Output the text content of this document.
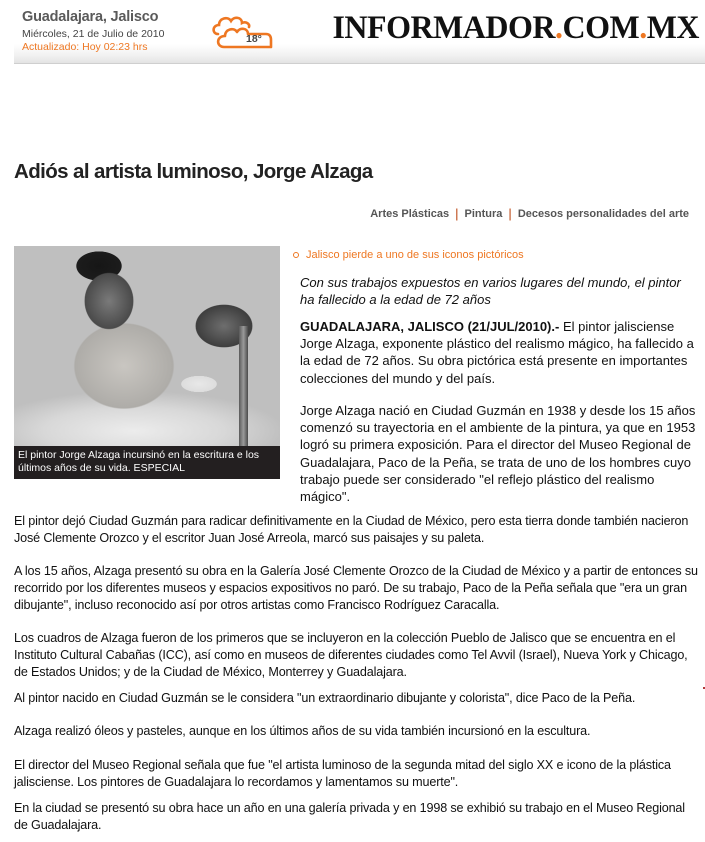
Guadalajara, Jalisco
Miércoles, 21 de Julio de 2010
Actualizado: Hoy 02:23 hrs
18° INFORMADOR.COM.MX
Adiós al artista luminoso, Jorge Alzaga
Artes Plásticas | Pintura | Decesos personalidades del arte
El pintor Jorge Alzaga incursinó en la escritura e los últimos años de su vida. ESPECIAL
Jalisco pierde a uno de sus iconos pictóricos

Con sus trabajos expuestos en varios lugares del mundo, el pintor ha fallecido a la edad de 72 años

GUADALAJARA, JALISCO (21/JUL/2010).- El pintor jalisciense Jorge Alzaga, exponente plástico del realismo mágico, ha fallecido a la edad de 72 años. Su obra pictórica está presente en importantes colecciones del mundo y del país.

Jorge Alzaga nació en Ciudad Guzmán en 1938 y desde los 15 años comenzó su trayectoria en el ambiente de la pintura, ya que en 1953 logró su primera exposición. Para el director del Museo Regional de Guadalajara, Paco de la Peña, se trata de uno de los hombres cuyo trabajo puede ser considerado "el reflejo plástico del realismo mágico".

El pintor dejó Ciudad Guzmán para radicar definitivamente en la Ciudad de México, pero esta tierra donde también nacieron José Clemente Orozco y el escritor Juan José Arreola, marcó sus paisajes y su paleta.

A los 15 años, Alzaga presentó su obra en la Galería José Clemente Orozco de la Ciudad de México y a partir de entonces su recorrido por los diferentes museos y espacios expositivos no paró. De su trabajo, Paco de la Peña señala que "era un gran dibujante", incluso reconocido así por otros artistas como Francisco Rodríguez Caracalla.

Los cuadros de Alzaga fueron de los primeros que se incluyeron en la colección Pueblo de Jalisco que se encuentra en el Instituto Cultural Cabañas (ICC), así como en museos de diferentes ciudades como Tel Avvil (Israel), Nueva York y Chicago, de Estados Unidos; y de la Ciudad de México, Monterrey y Guadalajara.

Al pintor nacido en Ciudad Guzmán se le considera "un extraordinario dibujante y colorista", dice Paco de la Peña.

Alzaga realizó óleos y pasteles, aunque en los últimos años de su vida también incursionó en la escultura.

El director del Museo Regional señala que fue "el artista luminoso de la segunda mitad del siglo XX e icono de la plástica jalisciense. Los pintores de Guadalajara lo recordamos y lamentamos su muerte".

En la ciudad se presentó su obra hace un año en una galería privada y en 1998 se exhibió su trabajo en el Museo Regional de Guadalajara.
